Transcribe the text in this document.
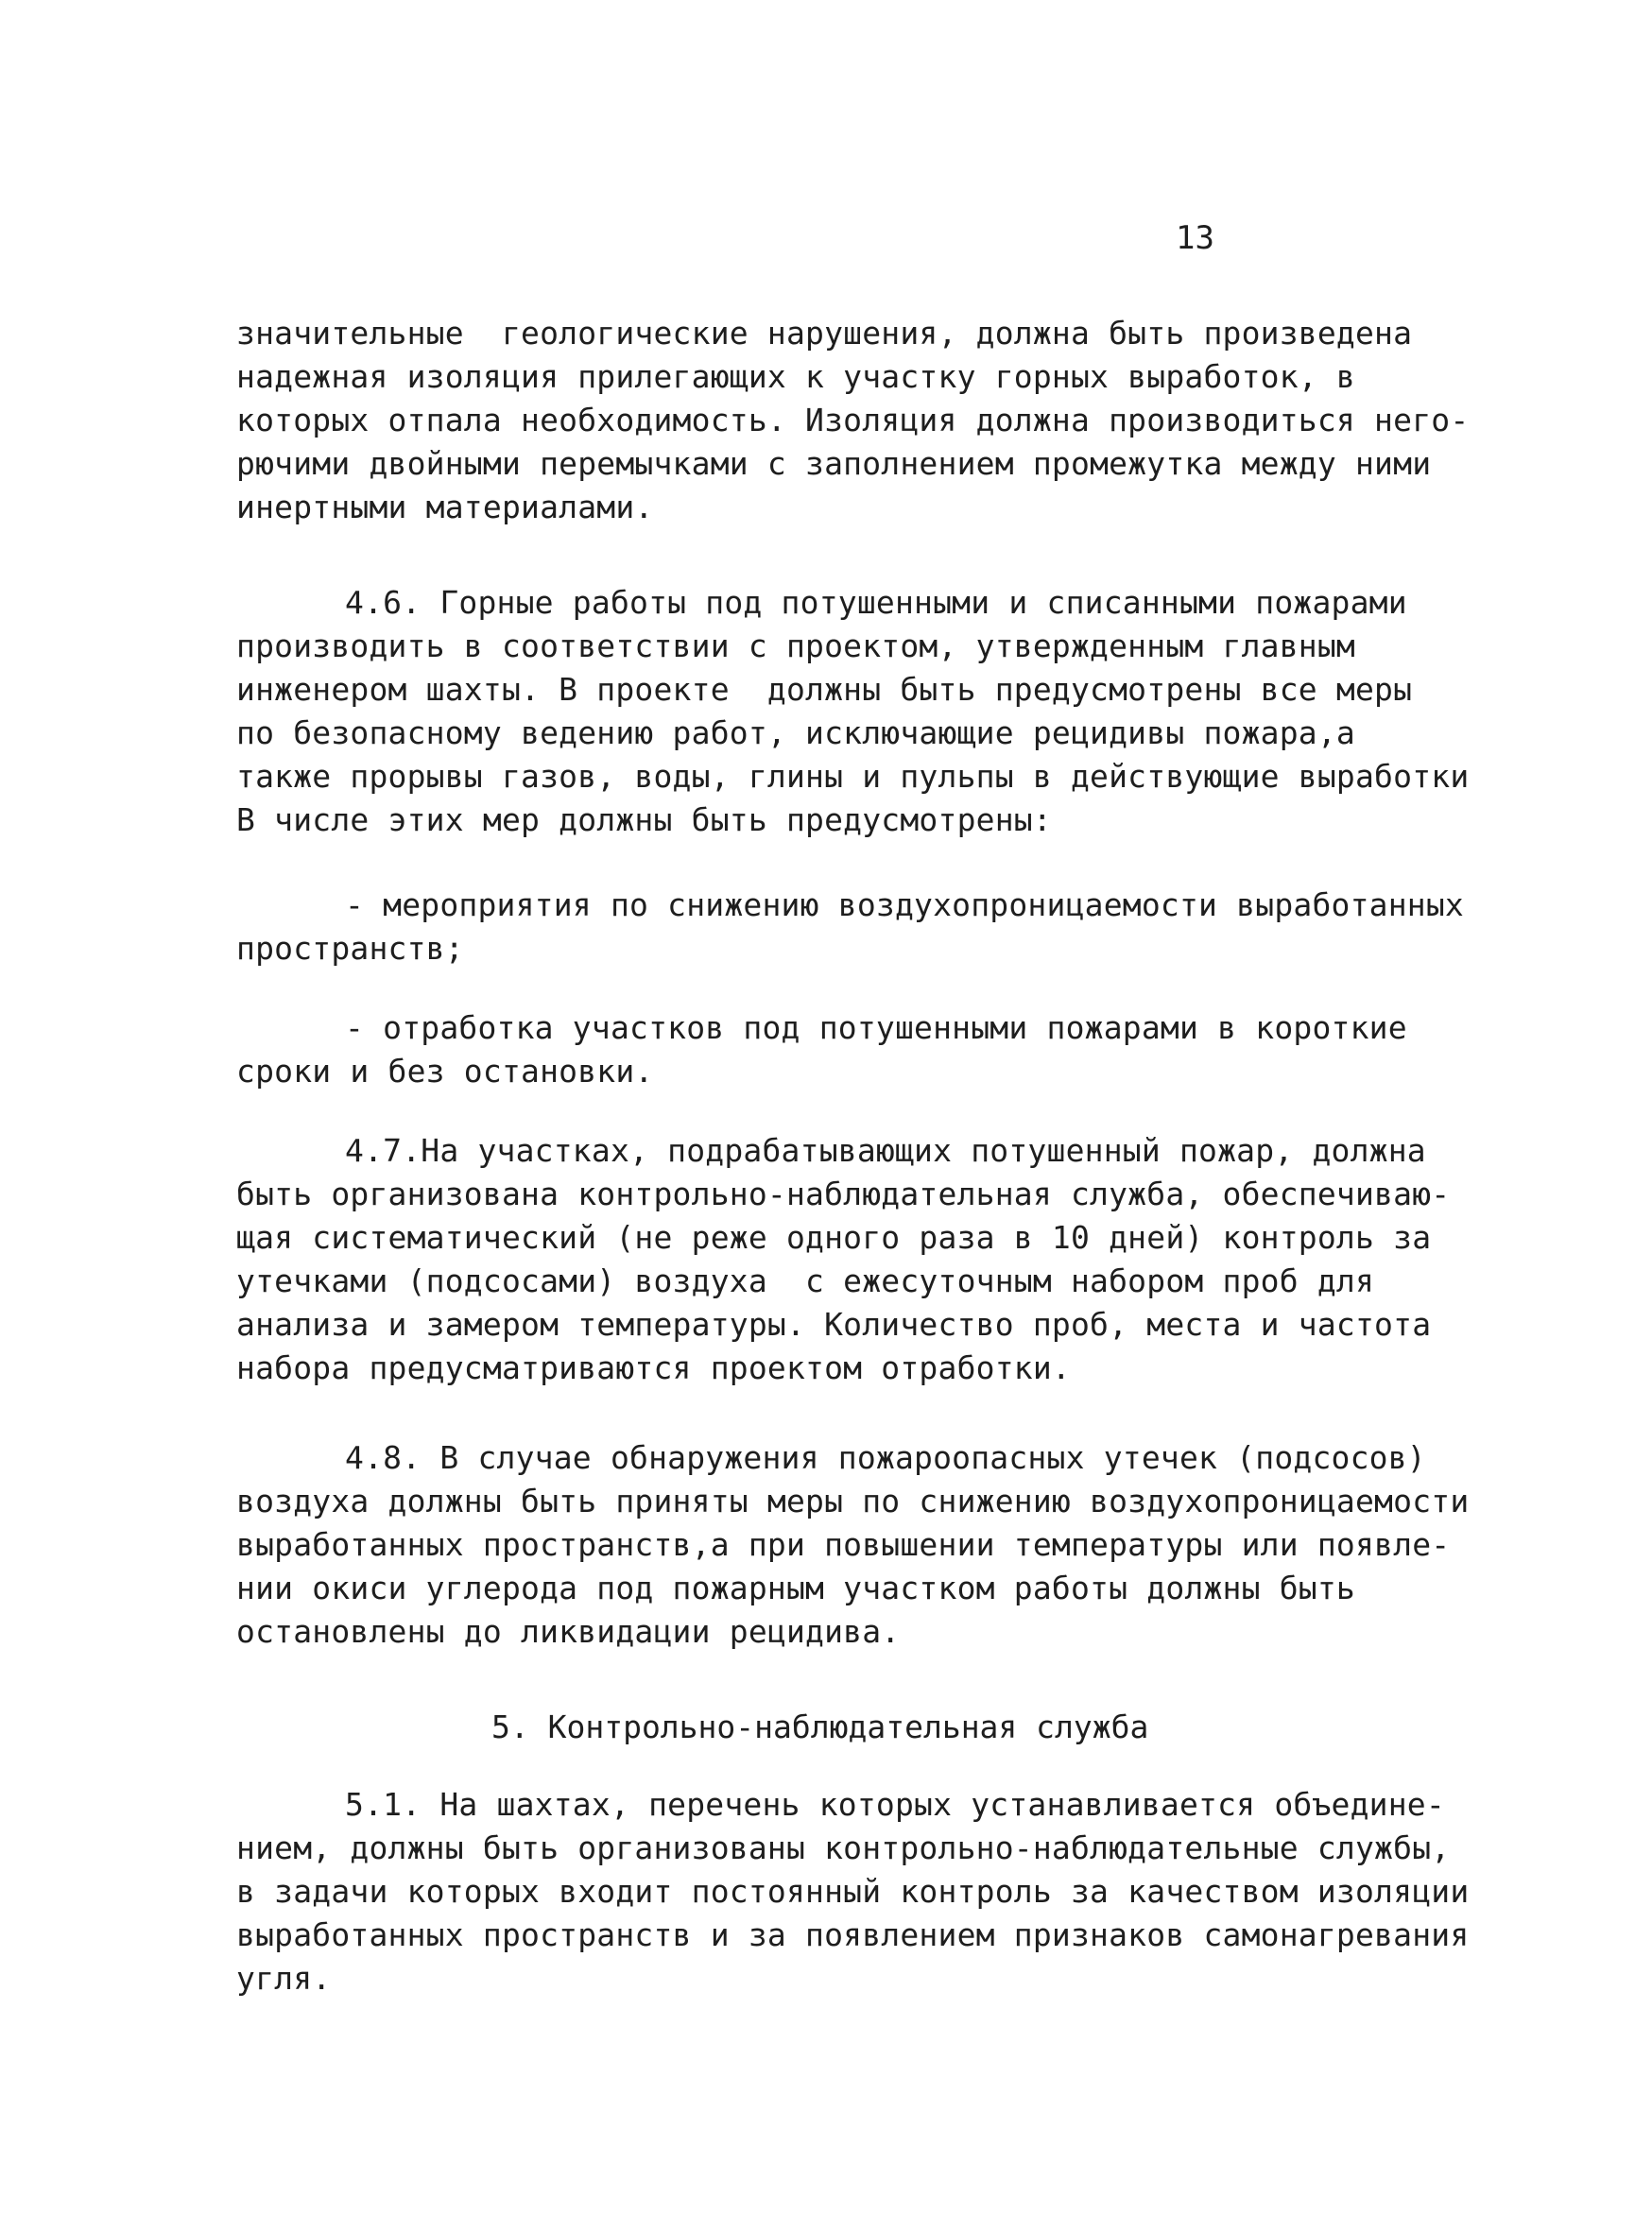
13
значительные  геологические нарушения, должна быть произведена
надежная изоляция прилегающих к участку горных выработок, в
которых отпала необходимость. Изоляция должна производиться него-
рючими двойными перемычками с заполнением промежутка между ними
инертными материалами.
4.6. Горные работы под потушенными и списанными пожарами
производить в соответствии с проектом, утвержденным главным
инженером шахты. В проекте  должны быть предусмотрены все меры
по безопасному ведению работ, исключающие рецидивы пожара,а
также прорывы газов, воды, глины и пульпы в действующие выработки
В числе этих мер должны быть предусмотрены:
- мероприятия по снижению воздухопроницаемости выработанных
пространств;
- отработка участков под потушенными пожарами в короткие
сроки и без остановки.
4.7.На участках, подрабатывающих потушенный пожар, должна
быть организована контрольно-наблюдательная служба, обеспечиваю-
щая систематический (не реже одного раза в 10 дней) контроль за
утечками (подсосами) воздуха  с ежесуточным набором проб для
анализа и замером температуры. Количество проб, места и частота
набора предусматриваются проектом отработки.
4.8. В случае обнаружения пожароопасных утечек (подсосов)
воздуха должны быть приняты меры по снижению воздухопроницаемости
выработанных пространств,а при повышении температуры или появле-
нии окиси углерода под пожарным участком работы должны быть
остановлены до ликвидации рецидива.
5. Контрольно-наблюдательная служба
5.1. На шахтах, перечень которых устанавливается объедине-
нием, должны быть организованы контрольно-наблюдательные службы,
в задачи которых входит постоянный контроль за качеством изоляции
выработанных пространств и за появлением признаков самонагревания
угля.
